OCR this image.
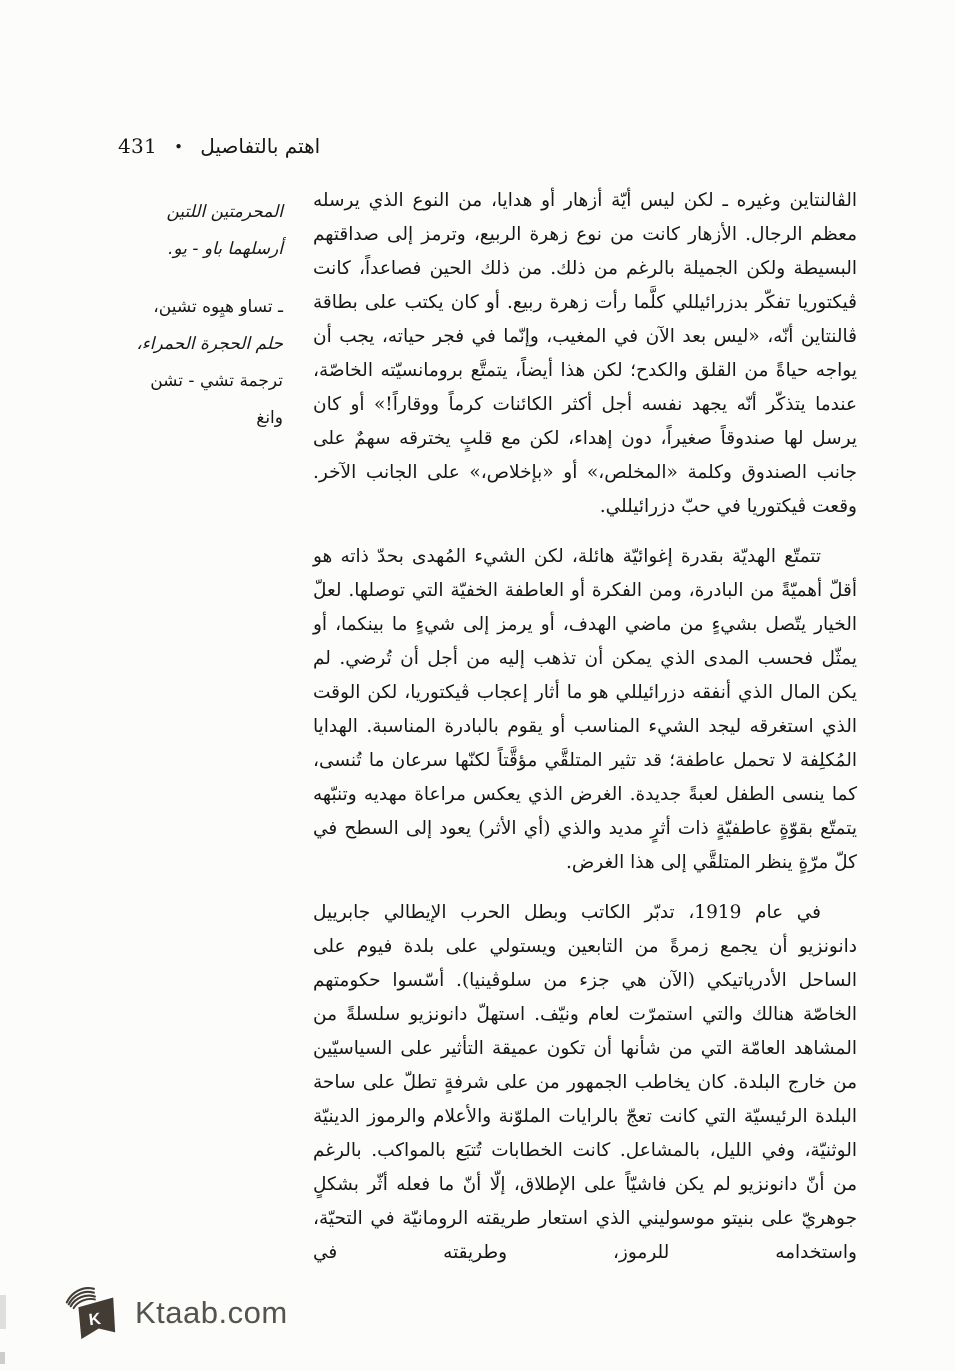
اهتم بالتفاصيل
•
431
المحرمتين اللتين
أرسلهما باو - يو.
ـ تساو هيِوه تشين،
حلم الحجرة الحمراء،
ترجمة تشي - تشن
وانغ

الڤالنتاين وغيره ـ لكن ليس أيّة أزهار أو هدايا، من النوع الذي يرسله معظم الرجال. الأزهار كانت من نوع زهرة الربيع، وترمز إلى صداقتهم البسيطة ولكن الجميلة بالرغم من ذلك. من ذلك الحين فصاعداً، كانت ڤيكتوريا تفكّر بدزرائيللي كلَّما رأت زهرة ربيع. أو كان يكتب على بطاقة ڤالنتاين أنّه، «ليس بعد الآن في المغيب، وإنّما في فجر حياته، يجب أن يواجه حياةً من القلق والكدح؛ لكن هذا أيضاً، يتمتَّع برومانسيّته الخاصّة، عندما يتذكّر أنّه يجهد نفسه أجل أكثر الكائنات كرماً ووقاراً!» أو كان يرسل لها صندوقاً صغيراً، دون إهداء، لكن مع قلبٍ يخترقه سهمٌ على جانب الصندوق وكلمة «المخلص،» أو «بإخلاص،» على الجانب الآخر. وقعت ڤيكتوريا في حبّ دزرائيللي.

تتمتّع الهديّة بقدرة إغوائيّة هائلة، لكن الشيء المُهدى بحدّ ذاته هو أقلّ أهميّةً من البادرة، ومن الفكرة أو العاطفة الخفيّة التي توصلها. لعلّ الخيار يتّصل بشيءٍ من ماضي الهدف، أو يرمز إلى شيءٍ ما بينكما، أو يمثّل فحسب المدى الذي يمكن أن تذهب إليه من أجل أن تُرضي. لم يكن المال الذي أنفقه دزرائيللي هو ما أثار إعجاب ڤيكتوريا، لكن الوقت الذي استغرقه ليجد الشيء المناسب أو يقوم بالبادرة المناسبة. الهدايا المُكلِفة لا تحمل عاطفة؛ قد تثير المتلقَّي مؤقَّتاً لكنّها سرعان ما تُنسى، كما ينسى الطفل لعبةً جديدة. الغرض الذي يعكس مراعاة مهديه وتنبّهه يتمتّع بقوّةٍ عاطفيّةٍ ذات أثرٍ مديد والذي (أي الأثر) يعود إلى السطح في كلّ مرّةٍ ينظر المتلقَّي إلى هذا الغرض.

في عام 1919، تدبّر الكاتب وبطل الحرب الإيطالي جابرييل دانونزيو أن يجمع زمرةً من التابعين ويستولي على بلدة فيوم على الساحل الأدرياتيكي (الآن هي جزء من سلوڤينيا). أسّسوا حكومتهم الخاصّة هنالك والتي استمرّت لعام ونيّف. استهلّ دانونزيو سلسلةً من المشاهد العامّة التي من شأنها أن تكون عميقة التأثير على السياسيّين من خارج البلدة. كان يخاطب الجمهور من على شرفةٍ تطلّ على ساحة البلدة الرئيسيّة التي كانت تعجّ بالرايات الملوّنة والأعلام والرموز الدينيّة الوثنيّة، وفي الليل، بالمشاعل. كانت الخطابات تُتبَع بالمواكب. بالرغم من أنّ دانونزيو لم يكن فاشيّاً على الإطلاق، إلّا أنّ ما فعله أثّر بشكلٍ جوهريّ على بنيتو موسوليني الذي استعار طريقته الرومانيّة في التحيّة، واستخدامه للرموز، وطريقته في

K Ktaab.com
